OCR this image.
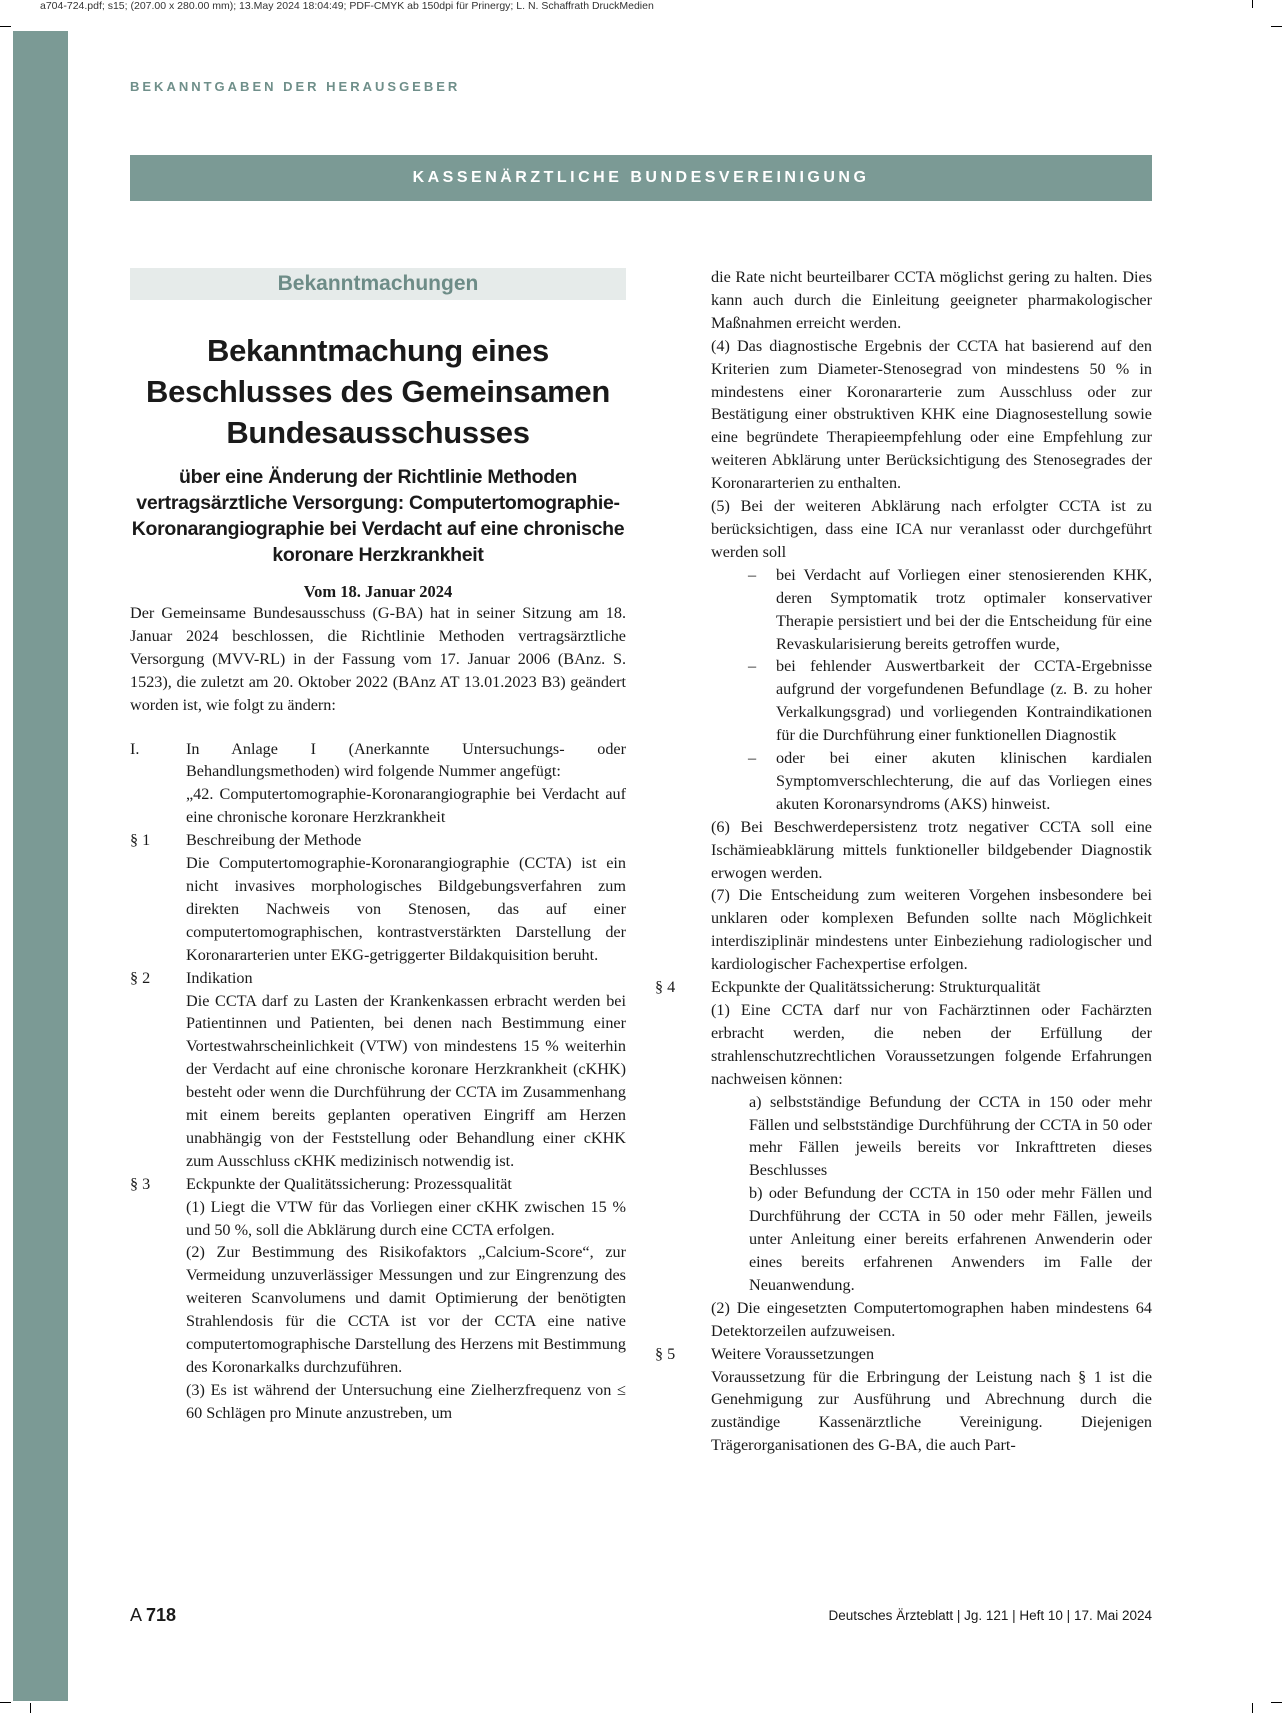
a704-724.pdf; s15; (207.00 x 280.00 mm); 13.May 2024 18:04:49; PDF-CMYK ab 150dpi für Prinergy; L. N. Schaffrath DruckMedien
BEKANNTGABEN DER HERAUSGEBER
KASSENÄRZTLICHE BUNDESVEREINIGUNG
Bekanntmachungen
Bekanntmachung eines Beschlusses des Gemeinsamen Bundesausschusses
über eine Änderung der Richtlinie Methoden vertragsärztliche Versorgung: Computertomographie-Koronarangiographie bei Verdacht auf eine chronische koronare Herzkrankheit
Vom 18. Januar 2024

Der Gemeinsame Bundesausschuss (G-BA) hat in seiner Sitzung am 18. Januar 2024 beschlossen, die Richtlinie Methoden vertragsärztliche Versorgung (MVV-RL) in der Fassung vom 17. Januar 2006 (BAnz. S. 1523), die zuletzt am 20. Oktober 2022 (BAnz AT 13.01.2023 B3) geändert worden ist, wie folgt zu ändern:

I.	In Anlage I (Anerkannte Untersuchungs- oder Behandlungsmethoden) wird folgende Nummer angefügt:
„42. Computertomographie-Koronarangiographie bei Verdacht auf eine chronische koronare Herzkrankheit
§ 1	Beschreibung der Methode
Die Computertomographie-Koronarangiographie (CCTA) ist ein nicht invasives morphologisches Bildgebungsverfahren zum direkten Nachweis von Stenosen, das auf einer computertomographischen, kontrastverstärkten Darstellung der Koronararterien unter EKG-getriggerter Bildakquisition beruht.
§ 2	Indikation
Die CCTA darf zu Lasten der Krankenkassen erbracht werden bei Patientinnen und Patienten, bei denen nach Bestimmung einer Vortestwahrscheinlichkeit (VTW) von mindestens 15 % weiterhin der Verdacht auf eine chronische koronare Herzkrankheit (cKHK) besteht oder wenn die Durchführung der CCTA im Zusammenhang mit einem bereits geplanten operativen Eingriff am Herzen unabhängig von der Feststellung oder Behandlung einer cKHK zum Ausschluss cKHK medizinisch notwendig ist.
§ 3	Eckpunkte der Qualitätssicherung: Prozessqualität
(1) Liegt die VTW für das Vorliegen einer cKHK zwischen 15 % und 50 %, soll die Abklärung durch eine CCTA erfolgen.
(2) Zur Bestimmung des Risikofaktors „Calcium-Score“, zur Vermeidung unzuverlässiger Messungen und zur Eingrenzung des weiteren Scanvolumens und damit Optimierung der benötigten Strahlendosis für die CCTA ist vor der CCTA eine native computertomographische Darstellung des Herzens mit Bestimmung des Koronarkalks durchzuführen.
(3) Es ist während der Untersuchung eine Zielherzfrequenz von ≤ 60 Schlägen pro Minute anzustreben, um
die Rate nicht beurteilbarer CCTA möglichst gering zu halten. Dies kann auch durch die Einleitung geeigneter pharmakologischer Maßnahmen erreicht werden.
(4) Das diagnostische Ergebnis der CCTA hat basierend auf den Kriterien zum Diameter-Stenosegrad von mindestens 50 % in mindestens einer Koronararterie zum Ausschluss oder zur Bestätigung einer obstruktiven KHK eine Diagnosestellung sowie eine begründete Therapieempfehlung oder eine Empfehlung zur weiteren Abklärung unter Berücksichtigung des Stenosegrades der Koronararterien zu enthalten.
(5) Bei der weiteren Abklärung nach erfolgter CCTA ist zu berücksichtigen, dass eine ICA nur veranlasst oder durchgeführt werden soll
– bei Verdacht auf Vorliegen einer stenosierenden KHK, deren Symptomatik trotz optimaler konservativer Therapie persistiert und bei der die Entscheidung für eine Revaskularisierung bereits getroffen wurde,
– bei fehlender Auswertbarkeit der CCTA-Ergebnisse aufgrund der vorgefundenen Befundlage (z. B. zu hoher Verkalkungsgrad) und vorliegenden Kontraindikationen für die Durchführung einer funktionellen Diagnostik
– oder bei einer akuten klinischen kardialen Symptomverschlechterung, die auf das Vorliegen eines akuten Koronarsyndroms (AKS) hinweist.
(6) Bei Beschwerdepersistenz trotz negativer CCTA soll eine Ischämieabklärung mittels funktioneller bildgebender Diagnostik erwogen werden.
(7) Die Entscheidung zum weiteren Vorgehen insbesondere bei unklaren oder komplexen Befunden sollte nach Möglichkeit interdisziplinär mindestens unter Einbeziehung radiologischer und kardiologischer Fachexpertise erfolgen.
§ 4	Eckpunkte der Qualitätssicherung: Strukturqualität
(1) Eine CCTA darf nur von Fachärztinnen oder Fachärzten erbracht werden, die neben der Erfüllung der strahlenschutzrechtlichen Voraussetzungen folgende Erfahrungen nachweisen können:
a) selbstständige Befundung der CCTA in 150 oder mehr Fällen und selbstständige Durchführung der CCTA in 50 oder mehr Fällen jeweils bereits vor Inkrafttreten dieses Beschlusses
b) oder Befundung der CCTA in 150 oder mehr Fällen und Durchführung der CCTA in 50 oder mehr Fällen, jeweils unter Anleitung einer bereits erfahrenen Anwenderin oder eines bereits erfahrenen Anwenders im Falle der Neuanwendung.
(2) Die eingesetzten Computertomographen haben mindestens 64 Detektorzeilen aufzuweisen.
§ 5	Weitere Voraussetzungen
Voraussetzung für die Erbringung der Leistung nach § 1 ist die Genehmigung zur Ausführung und Abrechnung durch die zuständige Kassenärztliche Vereinigung. Diejenigen Trägerorganisationen des G-BA, die auch Part-
A 718	Deutsches Ärzteblatt | Jg. 121 | Heft 10 | 17. Mai 2024
